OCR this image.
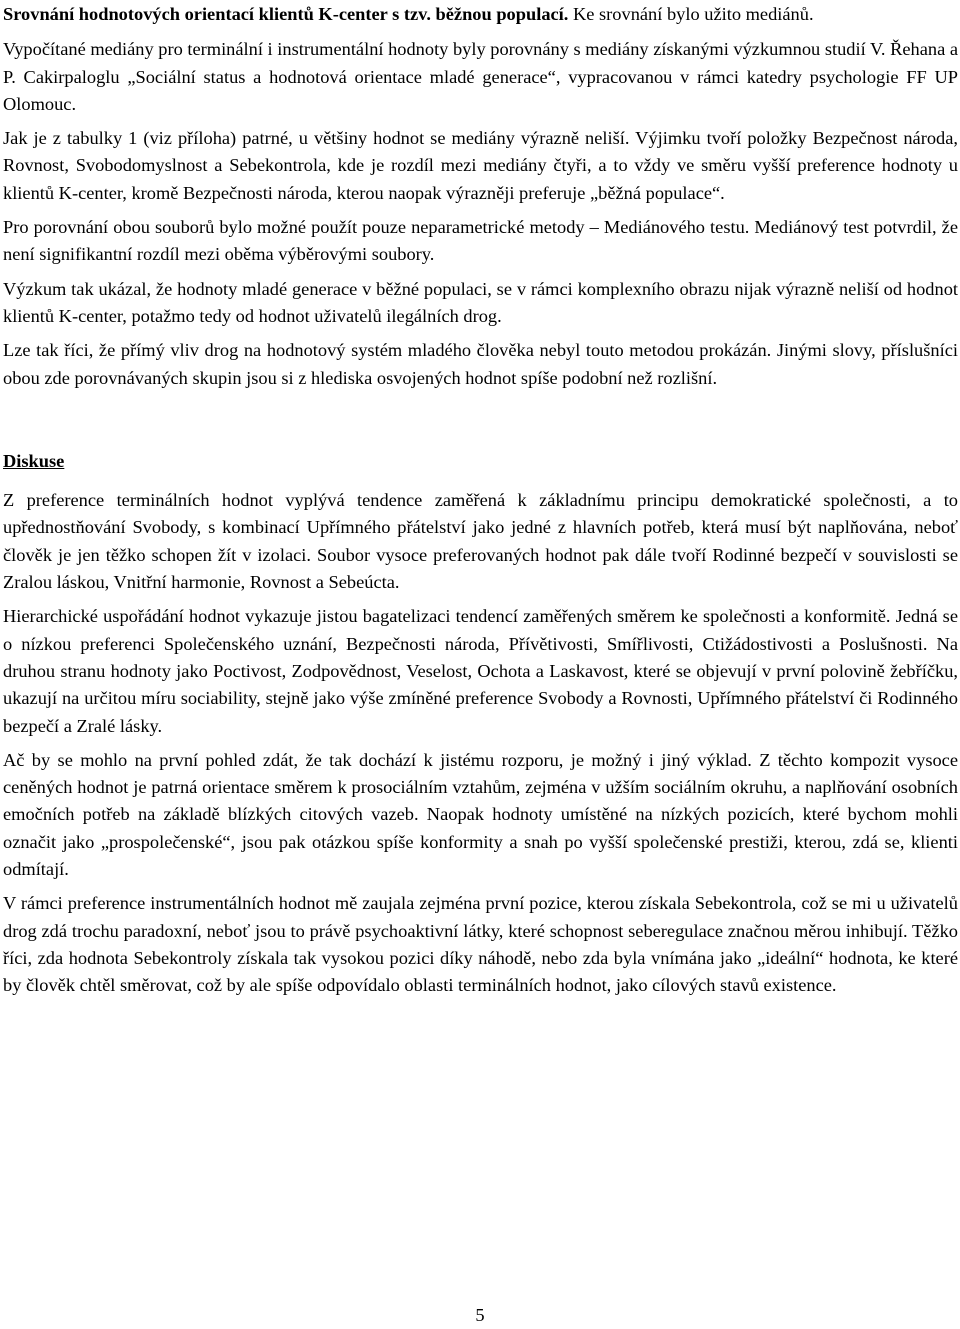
Srovnání hodnotových orientací klientů K-center s tzv. běžnou populací. Ke srovnání bylo užito mediánů.

Vypočítané mediány pro terminální i instrumentální hodnoty byly porovnány s mediány získanými výzkumnou studií V. Řehana a P. Cakirpaloglu „Sociální status a hodnotová orientace mladé generace“, vypracovanou v rámci katedry psychologie FF UP Olomouc.

Jak je z tabulky 1 (viz příloha) patrné, u většiny hodnot se mediány výrazně neliší. Výjimku tvoří položky Bezpečnost národa, Rovnost, Svobodomyslnost a Sebekontrola, kde je rozdíl mezi mediány čtyři, a to vždy ve směru vyšší preference hodnoty u klientů K-center, kromě Bezpečnosti národa, kterou naopak výrazněji preferuje „běžná populace“.

Pro porovnání obou souborů bylo možné použít pouze neparametrické metody – Mediánového testu. Mediánový test potvrdil, že není signifikantní rozdíl mezi oběma výběrovými soubory.

Výzkum tak ukázal, že hodnoty mladé generace v běžné populaci, se v rámci komplexního obrazu nijak výrazně neliší od hodnot klientů K-center, potažmo tedy od hodnot uživatelů ilegálních drog.

Lze tak říci, že přímý vliv drog na hodnotový systém mladého člověka nebyl touto metodou prokázán. Jinými slovy, příslušníci obou zde porovnávaných skupin jsou si z hlediska osvojených hodnot spíše podobní než rozlišní.

Diskuse

Z preference terminálních hodnot vyplývá tendence zaměřená k základnímu principu demokratické společnosti, a to upřednostňování Svobody, s kombinací Upřímného přátelství jako jedné z hlavních potřeb, která musí být naplňována, neboť člověk je jen těžko schopen žít v izolaci. Soubor vysoce preferovaných hodnot pak dále tvoří Rodinné bezpečí v souvislosti se Zralou láskou, Vnitřní harmonie, Rovnost a Sebeúcta.

Hierarchické uspořádání hodnot vykazuje jistou bagatelizaci tendencí zaměřených směrem ke společnosti a konformitě. Jedná se o nízkou preferenci Společenského uznání, Bezpečnosti národa, Přívětivosti, Smířlivosti, Ctižádostivosti a Poslušnosti. Na druhou stranu hodnoty jako Poctivost, Zodpovědnost, Veselost, Ochota a Laskavost, které se objevují v první polovině žebříčku, ukazují na určitou míru sociability, stejně jako výše zmíněné preference Svobody a Rovnosti, Upřímného přátelství či Rodinného bezpečí a Zralé lásky.

Ač by se mohlo na první pohled zdát, že tak dochází k jistému rozporu, je možný i jiný výklad. Z těchto kompozit vysoce ceněných hodnot je patrná orientace směrem k prosociálním vztahům, zejména v užším sociálním okruhu, a naplňování osobních emočních potřeb na základě blízkých citových vazeb. Naopak hodnoty umístěné na nízkých pozicích, které bychom mohli označit jako „prospolečenské“, jsou pak otázkou spíše konformity a snah po vyšší společenské prestiži, kterou, zdá se, klienti odmítají.

V rámci preference instrumentálních hodnot mě zaujala zejména první pozice, kterou získala Sebekontrola, což se mi u uživatelů drog zdá trochu paradoxní, neboť jsou to právě psychoaktivní látky, které schopnost seberegulace značnou měrou inhibují. Těžko říci, zda hodnota Sebekontroly získala tak vysokou pozici díky náhodě, nebo zda byla vnímána jako „ideální“ hodnota, ke které by člověk chtěl směrovat, což by ale spíše odpovídalo oblasti terminálních hodnot, jako cílových stavů existence.

5
